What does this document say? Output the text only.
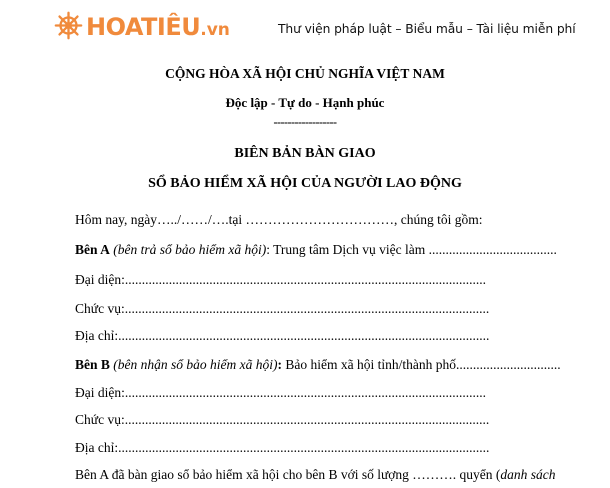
HOATIÊU.vn	Thư viện pháp luật – Biểu mẫu – Tài liệu miễn phí
CỘNG HÒA XÃ HỘI CHỦ NGHĨA VIỆT NAM
Độc lập - Tự do - Hạnh phúc
------------------
BIÊN BẢN BÀN GIAO
SỔ BẢO HIỂM XÃ HỘI CỦA NGƯỜI LAO ĐỘNG
Hôm nay, ngày…../……/….tại ……………………………, chúng tôi gồm:
Bên A (bên trả sổ bảo hiểm xã hội): Trung tâm Dịch vụ việc làm ......................................
Đại diện:...........................................................................................................
Chức vụ:............................................................................................................
Địa chỉ:..............................................................................................................
Bên B (bên nhận sổ bảo hiểm xã hội): Bảo hiểm xã hội tỉnh/thành phố...............................
Đại diện:...........................................................................................................
Chức vụ:............................................................................................................
Địa chỉ:..............................................................................................................
Bên A đã bàn giao sổ bảo hiểm xã hội cho bên B với số lượng ………. quyển (danh sách
